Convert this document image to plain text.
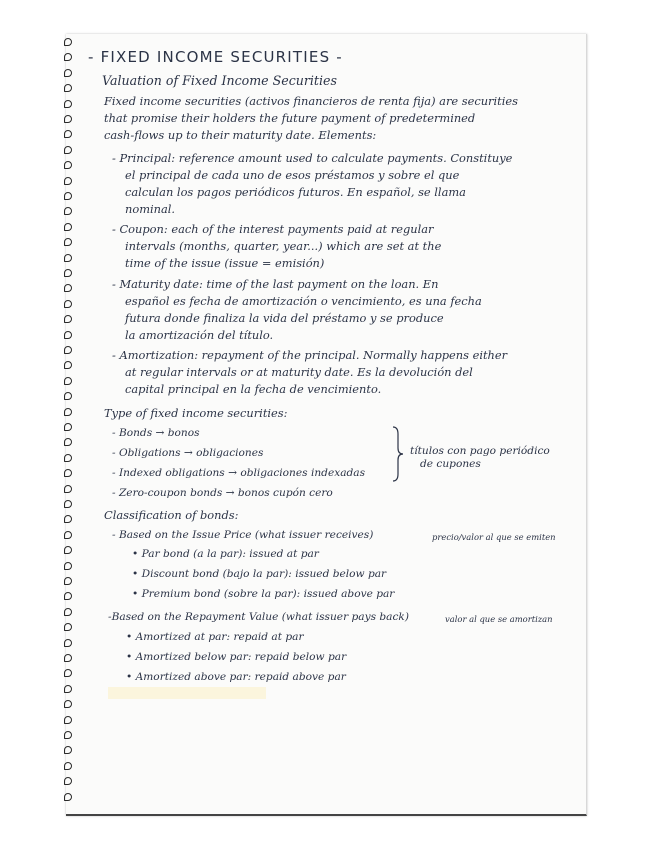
- FIXED INCOME SECURITIES -
Valuation of Fixed Income Securities
Fixed income securities (activos financieros de renta fija) are securities
that promise their holders the future payment of predetermined
cash-flows up to their maturity date. Elements:
- Principal: reference amount used to calculate payments. Constituye
el principal de cada uno de esos préstamos y sobre el que
calculan los pagos periódicos futuros. En español, se llama
nominal.
- Coupon: each of the interest payments paid at regular
intervals (months, quarter, year...) which are set at the
time of the issue (issue = emisión)
- Maturity date: time of the last payment on the loan. En
español es fecha de amortización o vencimiento, es una fecha
futura donde finaliza la vida del préstamo y se produce
la amortización del título.
- Amortization: repayment of the principal. Normally happens either
at regular intervals or at maturity date. Es la devolución del
capital principal en la fecha de vencimiento.
Type of fixed income securities:
- Bonds → bonos
- Obligations → obligaciones
- Indexed obligations → obligaciones indexadas
- Zero-coupon bonds → bonos cupón cero
títulos con pago periódico
de cupones
Classification of bonds:
- Based on the Issue Price (what issuer receives)	precio/valor al que se emiten
• Par bond (a la par): issued at par
• Discount bond (bajo la par): issued below par
• Premium bond (sobre la par): issued above par
-Based on the Repayment Value (what issuer pays back)	valor al que se amortizan
• Amortized at par: repaid at par
• Amortized below par: repaid below par
• Amortized above par: repaid above par
